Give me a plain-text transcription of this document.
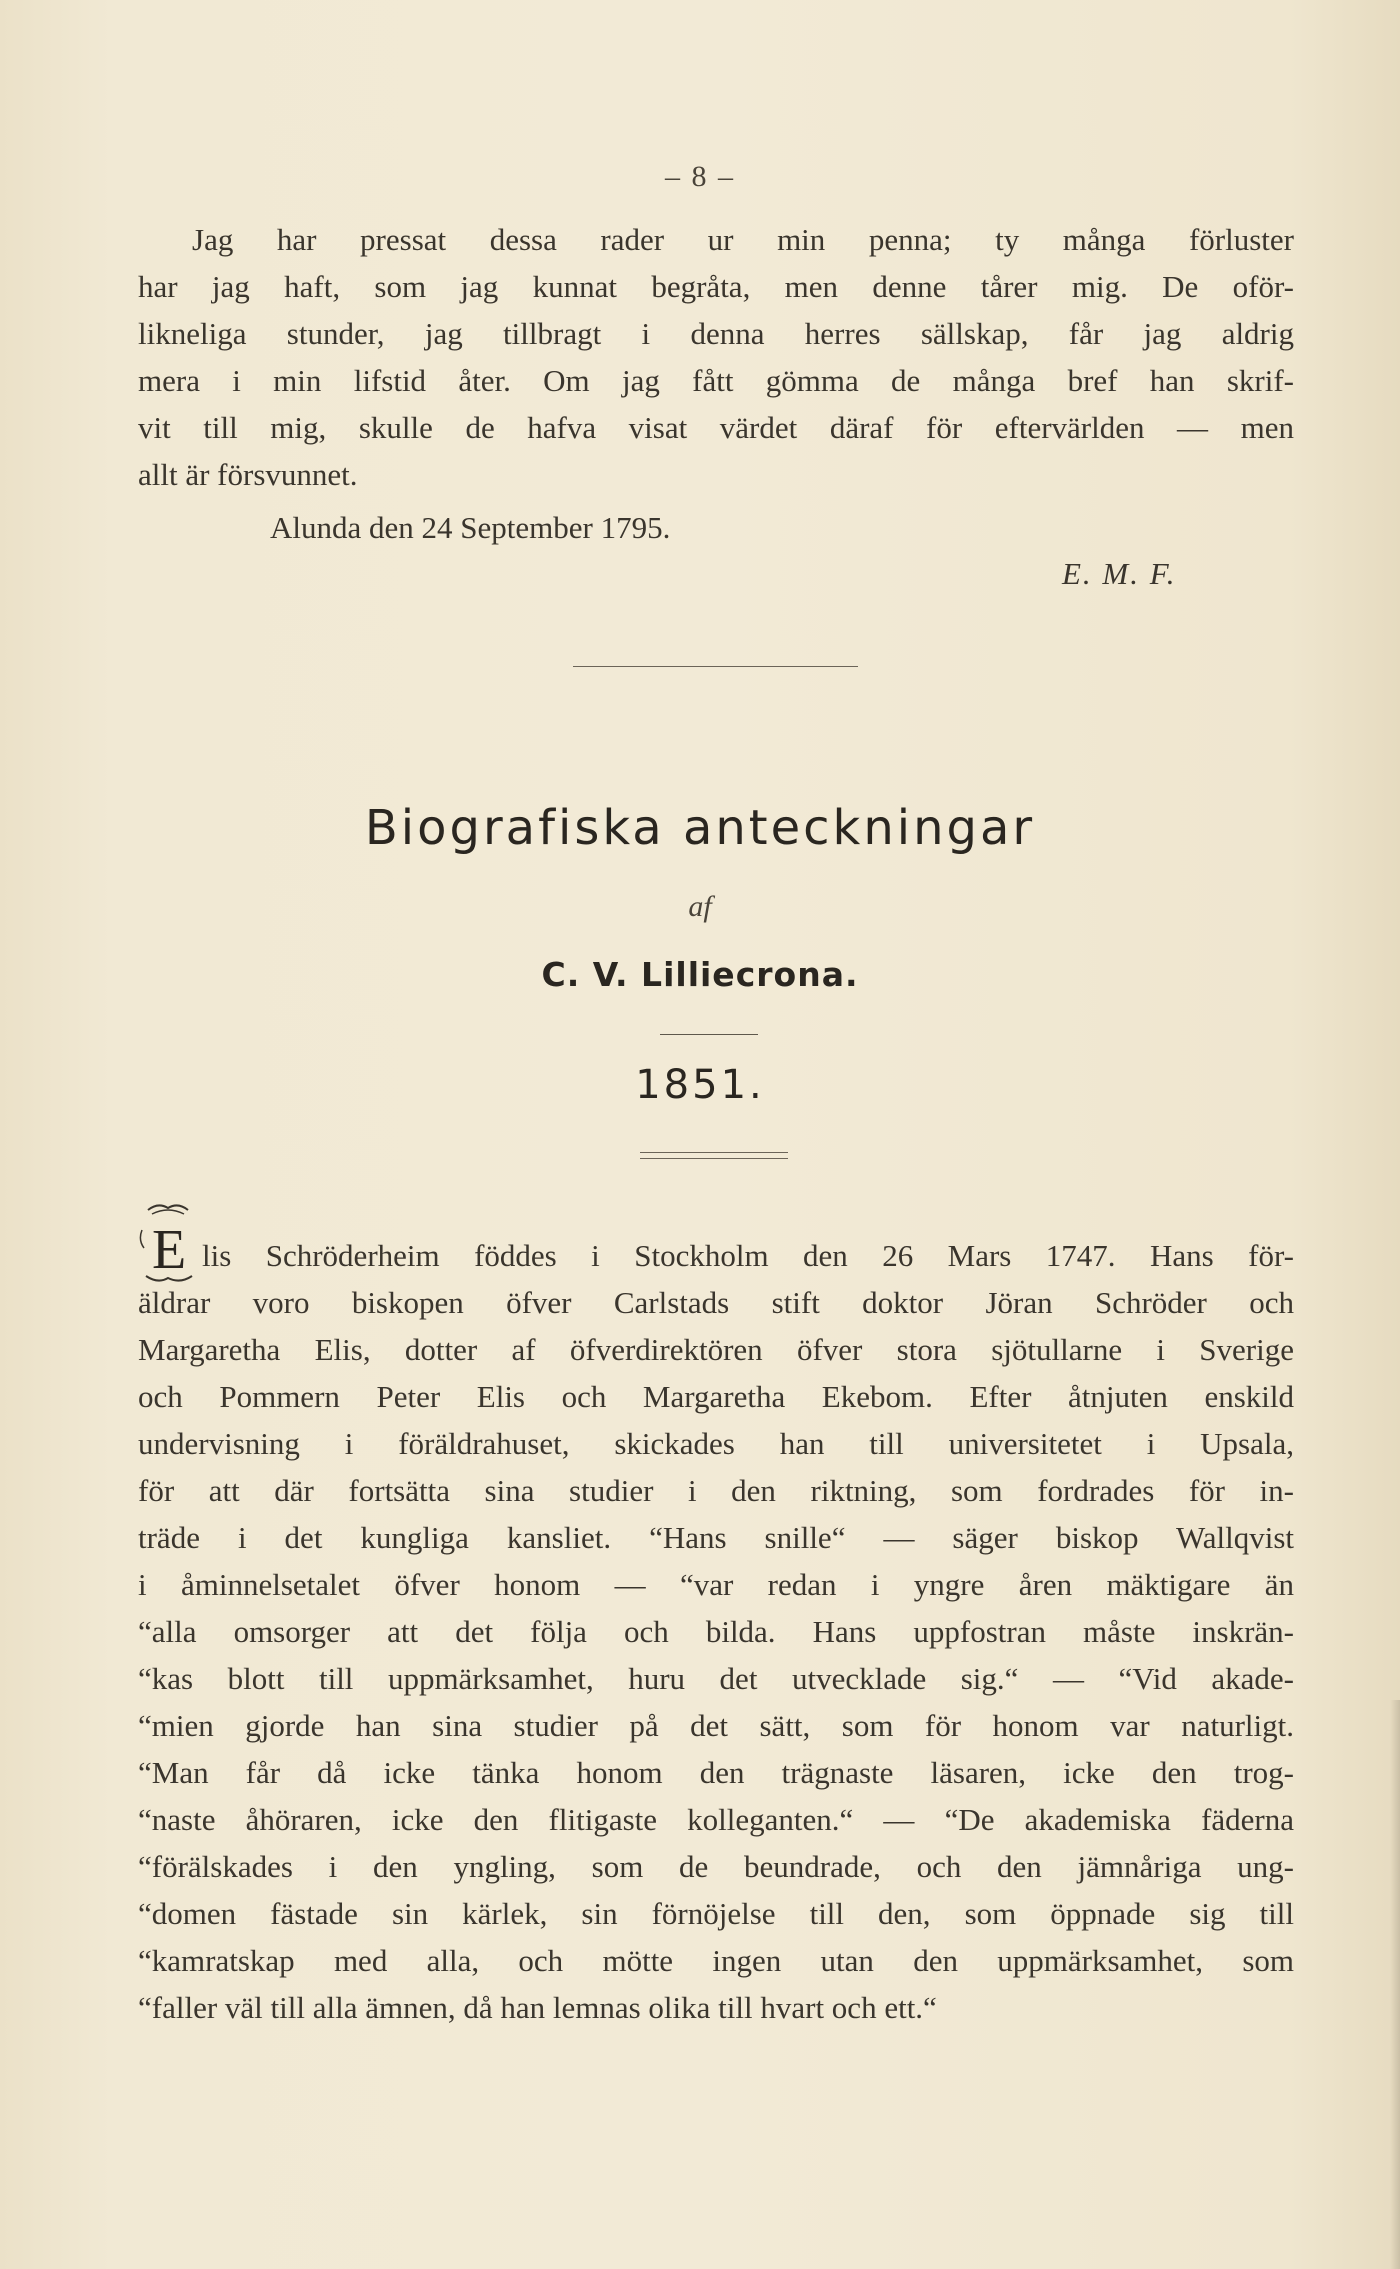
– 8 –
Jag har pressat dessa rader ur min penna; ty många förluster
har jag haft, som jag kunnat begråta, men denne tårer mig. De oför-
likneliga stunder, jag tillbragt i denna herres sällskap, får jag aldrig
mera i min lifstid åter. Om jag fått gömma de många bref han skrif-
vit till mig, skulle de hafva visat värdet däraf för eftervärlden — men
allt är försvunnet.
Alunda den 24 September 1795.
E. M. F.
Biografiska anteckningar
af
C. V. Lilliecrona.
1851.
E lis Schröderheim föddes i Stockholm den 26 Mars 1747. Hans för-
äldrar voro biskopen öfver Carlstads stift doktor Jöran Schröder och
Margaretha Elis, dotter af öfverdirektören öfver stora sjötullarne i Sverige
och Pommern Peter Elis och Margaretha Ekebom. Efter åtnjuten enskild
undervisning i föräldrahuset, skickades han till universitetet i Upsala,
för att där fortsätta sina studier i den riktning, som fordrades för in-
träde i det kungliga kansliet. “Hans snille“ — säger biskop Wallqvist
i åminnelsetalet öfver honom — “var redan i yngre åren mäktigare än
“alla omsorger att det följa och bilda. Hans uppfostran måste inskrän-
“kas blott till uppmärksamhet, huru det utvecklade sig.“ — “Vid akade-
“mien gjorde han sina studier på det sätt, som för honom var naturligt.
“Man får då icke tänka honom den trägnaste läsaren, icke den trog-
“naste åhöraren, icke den flitigaste kolleganten.“ — “De akademiska fäderna
“förälskades i den yngling, som de beundrade, och den jämnåriga ung-
“domen fästade sin kärlek, sin förnöjelse till den, som öppnade sig till
“kamratskap med alla, och mötte ingen utan den uppmärksamhet, som
“faller väl till alla ämnen, då han lemnas olika till hvart och ett.“
